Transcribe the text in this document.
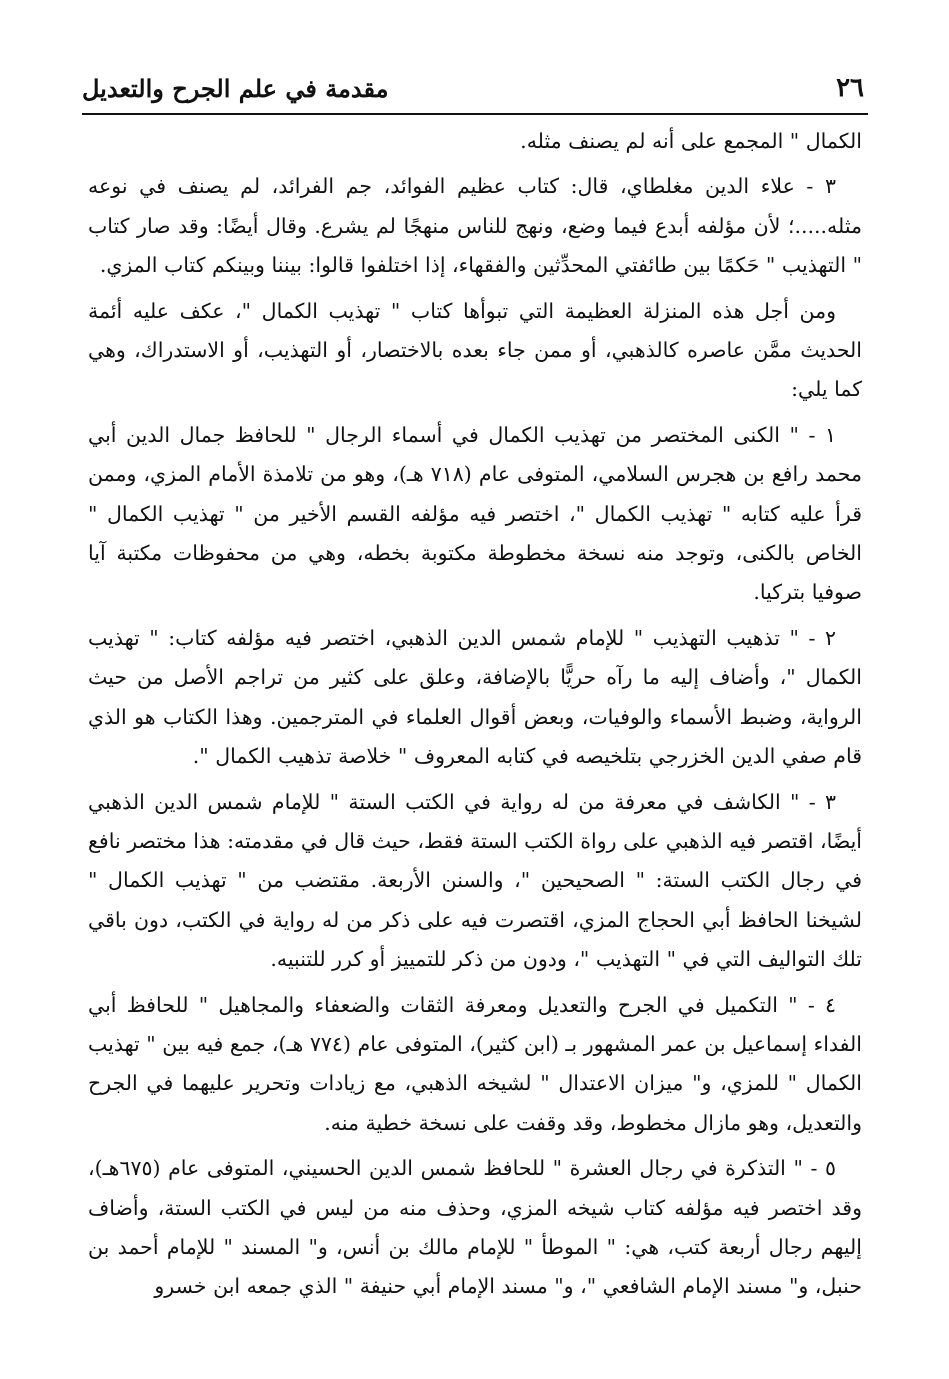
٢٦
مقدمة في علم الجرح والتعديل

الكمال " المجمع على أنه لم يصنف مثله.

٣ - علاء الدين مغلطاي، قال: كتاب عظيم الفوائد، جم الفرائد، لم يصنف في نوعه مثله.....؛ لأن مؤلفه أبدع فيما وضع، ونهج للناس منهجًا لم يشرع. وقال أيضًا: وقد صار كتاب " التهذيب " حَكمًا بين طائفتي المحدِّثين والفقهاء، إذا اختلفوا قالوا: بيننا وبينكم كتاب المزي.

ومن أجل هذه المنزلة العظيمة التي تبوأها كتاب " تهذيب الكمال "، عكف عليه أئمة الحديث ممَّن عاصره كالذهبي، أو ممن جاء بعده بالاختصار، أو التهذيب، أو الاستدراك، وهي كما يلي:

١ - " الكنى المختصر من تهذيب الكمال في أسماء الرجال " للحافظ جمال الدين أبي محمد رافع بن هجرس السلامي، المتوفى عام (٧١٨ هـ)، وهو من تلامذة الأمام المزي، وممن قرأ عليه كتابه " تهذيب الكمال "، اختصر فيه مؤلفه القسم الأخير من " تهذيب الكمال " الخاص بالكنى، وتوجد منه نسخة مخطوطة مكتوبة بخطه، وهي من محفوظات مكتبة آيا صوفيا بتركيا.

٢ - " تذهيب التهذيب " للإمام شمس الدين الذهبي، اختصر فيه مؤلفه كتاب: " تهذيب الكمال "، وأضاف إليه ما رآه حريًّا بالإضافة، وعلق على كثير من تراجم الأصل من حيث الرواية، وضبط الأسماء والوفيات، وبعض أقوال العلماء في المترجمين. وهذا الكتاب هو الذي قام صفي الدين الخزرجي بتلخيصه في كتابه المعروف " خلاصة تذهيب الكمال ".

٣ - " الكاشف في معرفة من له رواية في الكتب الستة " للإمام شمس الدين الذهبي أيضًا، اقتصر فيه الذهبي على رواة الكتب الستة فقط، حيث قال في مقدمته: هذا مختصر نافع في رجال الكتب الستة: " الصحيحين "، والسنن الأربعة. مقتضب من " تهذيب الكمال " لشيخنا الحافظ أبي الحجاج المزي، اقتصرت فيه على ذكر من له رواية في الكتب، دون باقي تلك التواليف التي في " التهذيب "، ودون من ذكر للتمييز أو كرر للتنبيه.

٤ - " التكميل في الجرح والتعديل ومعرفة الثقات والضعفاء والمجاهيل " للحافظ أبي الفداء إسماعيل بن عمر المشهور بـ (ابن كثير)، المتوفى عام (٧٧٤ هـ)، جمع فيه بين " تهذيب الكمال " للمزي، و" ميزان الاعتدال " لشيخه الذهبي، مع زيادات وتحرير عليهما في الجرح والتعديل، وهو مازال مخطوط، وقد وقفت على نسخة خطية منه.

٥ - " التذكرة في رجال العشرة " للحافظ شمس الدين الحسيني، المتوفى عام (٦٧٥هـ)، وقد اختصر فيه مؤلفه كتاب شيخه المزي، وحذف منه من ليس في الكتب الستة، وأضاف إليهم رجال أربعة كتب، هي: " الموطأ " للإمام مالك بن أنس، و" المسند " للإمام أحمد بن حنبل، و" مسند الإمام الشافعي "، و" مسند الإمام أبي حنيفة " الذي جمعه ابن خسرو
